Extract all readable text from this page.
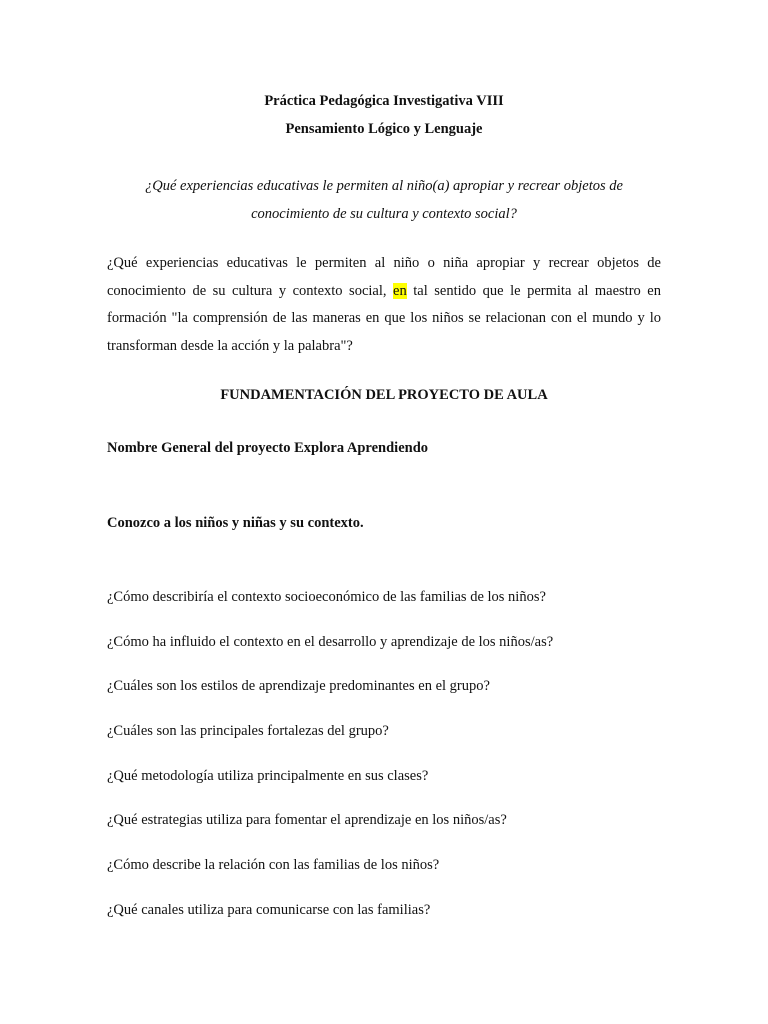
Práctica Pedagógica Investigativa VIII

Pensamiento Lógico y Lenguaje

¿Qué experiencias educativas le permiten al niño(a) apropiar y recrear objetos de
conocimiento de su cultura y contexto social?

¿Qué experiencias educativas le permiten al niño o niña apropiar y recrear objetos de conocimiento de su cultura y contexto social, en tal sentido que le permita al maestro en formación "la comprensión de las maneras en que los niños se relacionan con el mundo y lo transforman desde la acción y la palabra"?

FUNDAMENTACIÓN DEL PROYECTO DE AULA

Nombre General del proyecto Explora Aprendiendo

Conozco a los niños y niñas y su contexto.

¿Cómo describiría el contexto socioeconómico de las familias de los niños?
¿Cómo ha influido el contexto en el desarrollo y aprendizaje de los niños/as?
¿Cuáles son los estilos de aprendizaje predominantes en el grupo?
¿Cuáles son las principales fortalezas del grupo?
¿Qué metodología utiliza principalmente en sus clases?
¿Qué estrategias utiliza para fomentar el aprendizaje en los niños/as?
¿Cómo describe la relación con las familias de los niños?
¿Qué canales utiliza para comunicarse con las familias?
